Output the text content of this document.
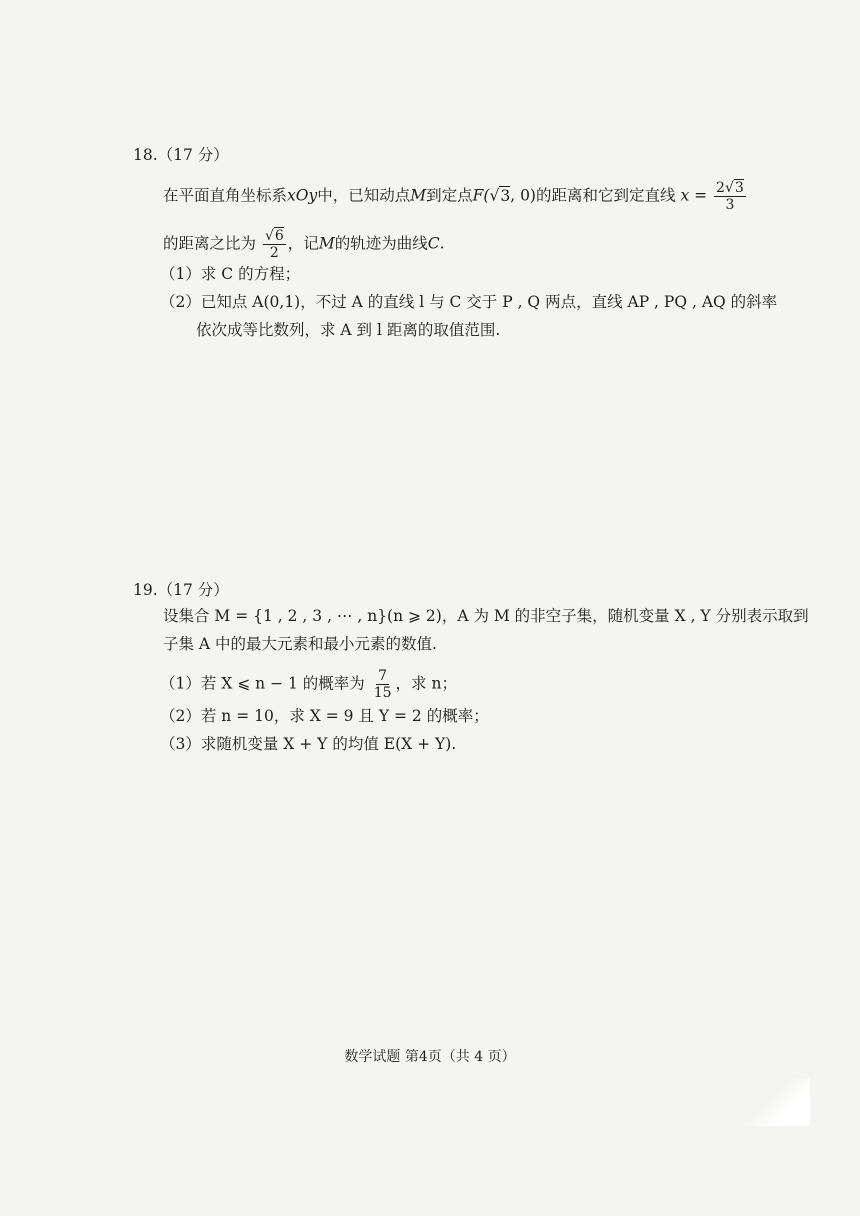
18.（17 分）
在平面直角坐标系xOy中，已知动点M到定点F(√3, 0)的距离和它到定直线 $x = \frac{2√3}{3}$
的距离之比为 $\frac{√6}{2}$ ，记M的轨迹为曲线C.
（1）求 C 的方程；
（2）已知点 A(0,1)，不过 A 的直线 l 与 C 交于 P , Q 两点，直线 AP , PQ , AQ 的斜率
依次成等比数列，求 A 到 l 距离的取值范围.
19.（17 分）
设集合 M = {1 , 2 , 3 , ⋯ , n}(n ⩾ 2)，A 为 M 的非空子集，随机变量 X , Y 分别表示取到
子集 A 中的最大元素和最小元素的数值.
（1）若 X ⩽ n − 1 的概率为 $\frac{7}{15}$ ，求 n；
（2）若 n = 10，求 X = 9 且 Y = 2 的概率；
（3）求随机变量 X + Y 的均值 E(X + Y).
数学试题 第4页（共 4 页）
